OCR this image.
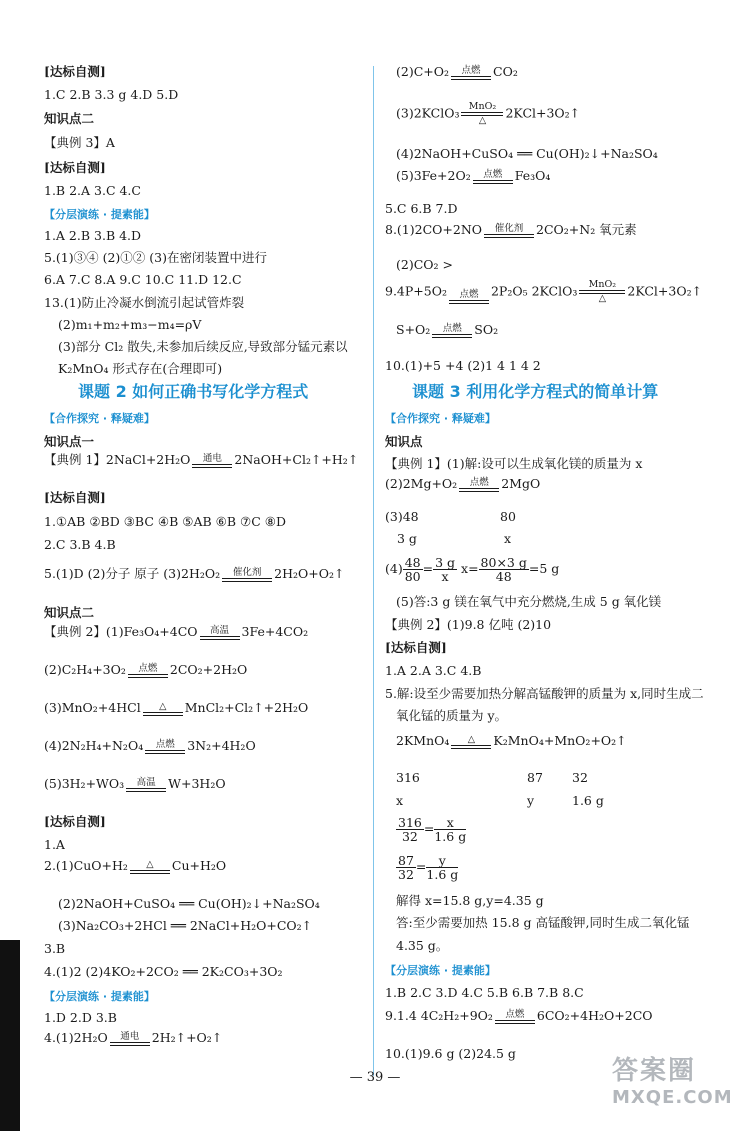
[达标自测]
1.C 2.B 3.3 g 4.D 5.D
知识点二
【典例 3】A
[达标自测]
1.B 2.A 3.C 4.C
【分层演练 · 提素能】
1.A 2.B 3.B 4.D
5.(1)③④ (2)①② (3)在密闭装置中进行
6.A 7.C 8.A 9.C 10.C 11.D 12.C
13.(1)防止冷凝水倒流引起试管炸裂
(2)m₁+m₂+m₃−m₄=ρV
(3)部分 Cl₂ 散失,未参加后续反应,导致部分锰元素以
K₂MnO₄ 形式存在(合理即可)
课题 2 如何正确书写化学方程式
【合作探究 · 释疑难】
知识点一
【典例 1】2NaCl+2H₂O	通电	2NaOH+Cl₂↑+H₂↑
[达标自测]
1.①AB ②BD ③BC ④B ⑤AB ⑥B ⑦C ⑧D
2.C 3.B 4.B
5.(1)D (2)分子 原子 (3)2H₂O₂	催化剂	2H₂O+O₂↑
知识点二
【典例 2】(1)Fe₃O₄+4CO	高温	3Fe+4CO₂
(2)C₂H₄+3O₂	点燃	2CO₂+2H₂O
(3)MnO₂+4HCl	△	MnCl₂+Cl₂↑+2H₂O
(4)2N₂H₄+N₂O₄	点燃	3N₂+4H₂O
(5)3H₂+WO₃	高温	W+3H₂O
[达标自测]
1.A
2.(1)CuO+H₂	△	Cu+H₂O
(2)2NaOH+CuSO₄ ══ Cu(OH)₂↓+Na₂SO₄
(3)Na₂CO₃+2HCl ══ 2NaCl+H₂O+CO₂↑
3.B
4.(1)2 (2)4KO₂+2CO₂ ══ 2K₂CO₃+3O₂
【分层演练 · 提素能】
1.D 2.D 3.B
4.(1)2H₂O	通电	2H₂↑+O₂↑
(2)C+O₂	点燃	CO₂
(3)2KClO₃ MnO₂
△	2KCl+3O₂↑
(4)2NaOH+CuSO₄ ══ Cu(OH)₂↓+Na₂SO₄
(5)3Fe+2O₂	点燃	Fe₃O₄
5.C 6.B 7.D
8.(1)2CO+2NO	催化剂	2CO₂+N₂ 氧元素
(2)CO₂ >
9.4P+5O₂	点燃	2P₂O₅ 2KClO₃	MnO₂
△	2KCl+3O₂↑
S+O₂	点燃	SO₂
10.(1)+5 +4 (2)1 4 1 4 2
课题 3 利用化学方程式的简单计算
【合作探究 · 释疑难】
知识点
【典例 1】(1)解:设可以生成氧化镁的质量为 x
(2)2Mg+O₂	点燃	2MgO
(3)48	80
3 g	x
$(4) \frac{48}{80} = \frac{3 g}{x} x= \frac{80\times 3 g}{48} =5$ g
(5)答:3 g 镁在氧气中充分燃烧,生成 5 g 氧化镁
【典例 2】(1)9.8 亿吨 (2)10
[达标自测]
1.A 2.A 3.C 4.B
5.解:设至少需要加热分解高锰酸钾的质量为 x,同时生成二
氧化锰的质量为 y。
2KMnO₄	△	K₂MnO₄+MnO₂+O₂↑
316	87 32
x	y	1.6 g
$\frac{316}{32} = \frac{x}{1.6 g}$
$\frac{87}{32} = \frac{y}{1.6 g}$
解得 x=15.8 g,y=4.35 g
答:至少需要加热 15.8 g 高锰酸钾,同时生成二氧化锰
4.35 g。
【分层演练 · 提素能】
1.B 2.C 3.D 4.C 5.B 6.B 7.B 8.C
9.1.4 4C₂H₂+9O₂	点燃	6CO₂+4H₂O+2CO
10.(1)9.6 g (2)24.5 g
— 39 —	答案圈
MXQE.COM
